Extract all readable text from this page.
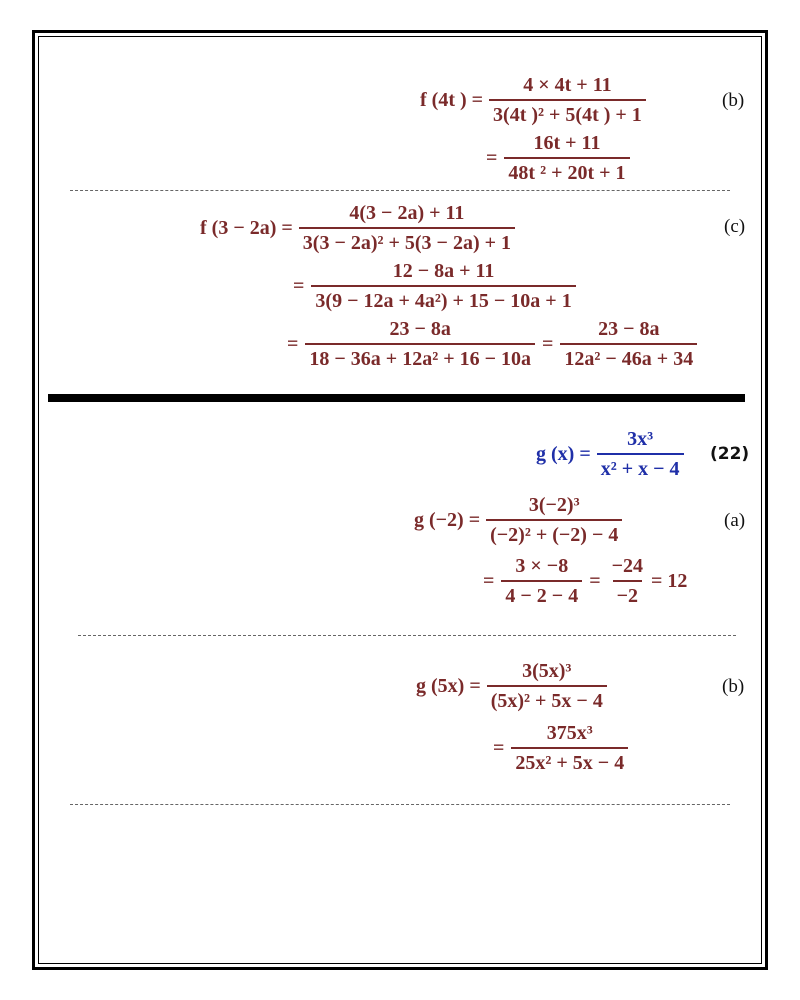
f (4t ) = $\frac{4 \times 4t + 11}{\text{3(4t )² + 5(4t ) + 1}}$	(b)
= $\frac{16t + 11}{\text{48t ² + 20t + 1}}$
f $(3 - 2a) = \frac{4(3 - 2a) + 11}{\text{3(3 − 2a)² + 5(3 − 2a) + 1}}$	(c)
= $\frac{12 - 8a + 11}{\text{3(9 − 12a + 4a²) + 15 − 10a + 1}}$
= $\frac{23 - 8a}{\text{18 − 36a + 12a² + 16 − 10a}} = \frac{23 - 8a}{\text{12a² − 46a + 34}}$
g $(x) = \frac{\text{3x³}}{\text{x² + x − 4}} (22)$
g $(-2) = \frac{\text{3(−2)³}}{\text{(−2)² + (−2) − 4}}$	(a)
= $\frac{3 \times -8}{4 - 2 - 4} = \frac{-24}{-2} = 12$
g $(5x) = \frac{\text{3(5x)³}}{\text{(5x)² + 5x − 4}}$	(b)
= $\frac{\text{375x³}}{\text{25x² + 5x − 4}}$
